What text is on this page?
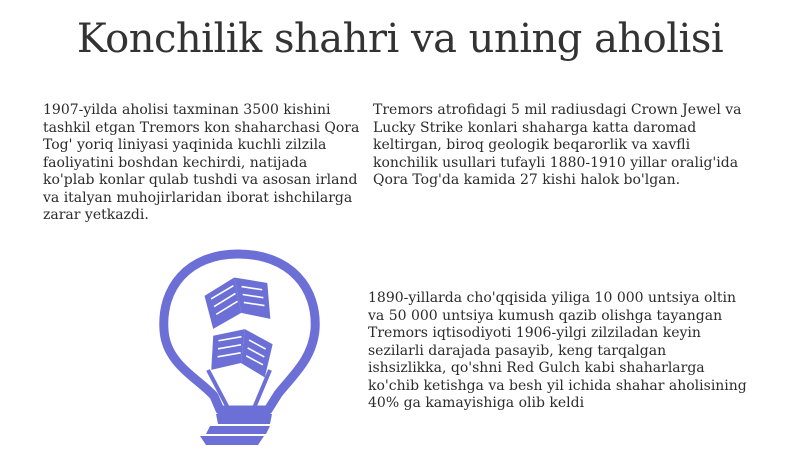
Konchilik shahri va uning aholisi
1907-yilda aholisi taxminan 3500 kishini tashkil etgan Tremors kon shaharchasi Qora Tog' yoriq liniyasi yaqinida kuchli zilzila faoliyatini boshdan kechirdi, natijada ko'plab konlar qulab tushdi va asosan irland va italyan muhojirlaridan iborat ishchilarga zarar yetkazdi.
Tremors atrofidagi 5 mil radiusdagi Crown Jewel va Lucky Strike konlari shaharga katta daromad keltirgan, biroq geologik beqarorlik va xavfli konchilik usullari tufayli 1880-1910 yillar oralig'ida Qora Tog'da kamida 27 kishi halok bo'lgan.
1890-yillarda cho'qqisida yiliga 10 000 untsiya oltin va 50 000 untsiya kumush qazib olishga tayangan Tremors iqtisodiyoti 1906-yilgi zilziladan keyin sezilarli darajada pasayib, keng tarqalgan ishsizlikka, qo'shni Red Gulch kabi shaharlarga ko'chib ketishga va besh yil ichida shahar aholisining 40% ga kamayishiga olib keldi
